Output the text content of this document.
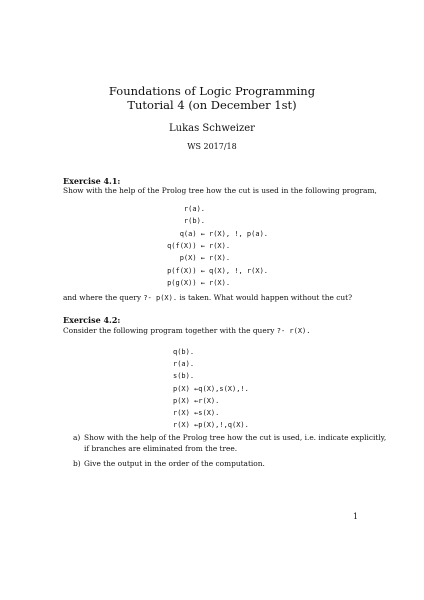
Foundations of Logic Programming
Tutorial 4 (on December 1st)
Lukas Schweizer
WS 2017/18
Exercise 4.1:
Show with the help of the Prolog tree how the cut is used in the following program,
r(a).
r(b).
q(a) ← r(X), !, p(a).
q(f(X)) ← r(X).
p(X) ← r(X).
p(f(X)) ← q(X), !, r(X).
p(g(X)) ← r(X).
and where the query ?- p(X). is taken. What would happen without the cut?
Exercise 4.2:
Consider the following program together with the query ?- r(X).
q(b).
r(a).
s(b).
p(X) ←q(X),s(X),!.
p(X) ←r(X).
r(X) ←s(X).
r(X) ←p(X),!,q(X).
a) Show with the help of the Prolog tree how the cut is used, i.e. indicate explicitly,
if branches are eliminated from the tree.
b) Give the output in the order of the computation.
1
